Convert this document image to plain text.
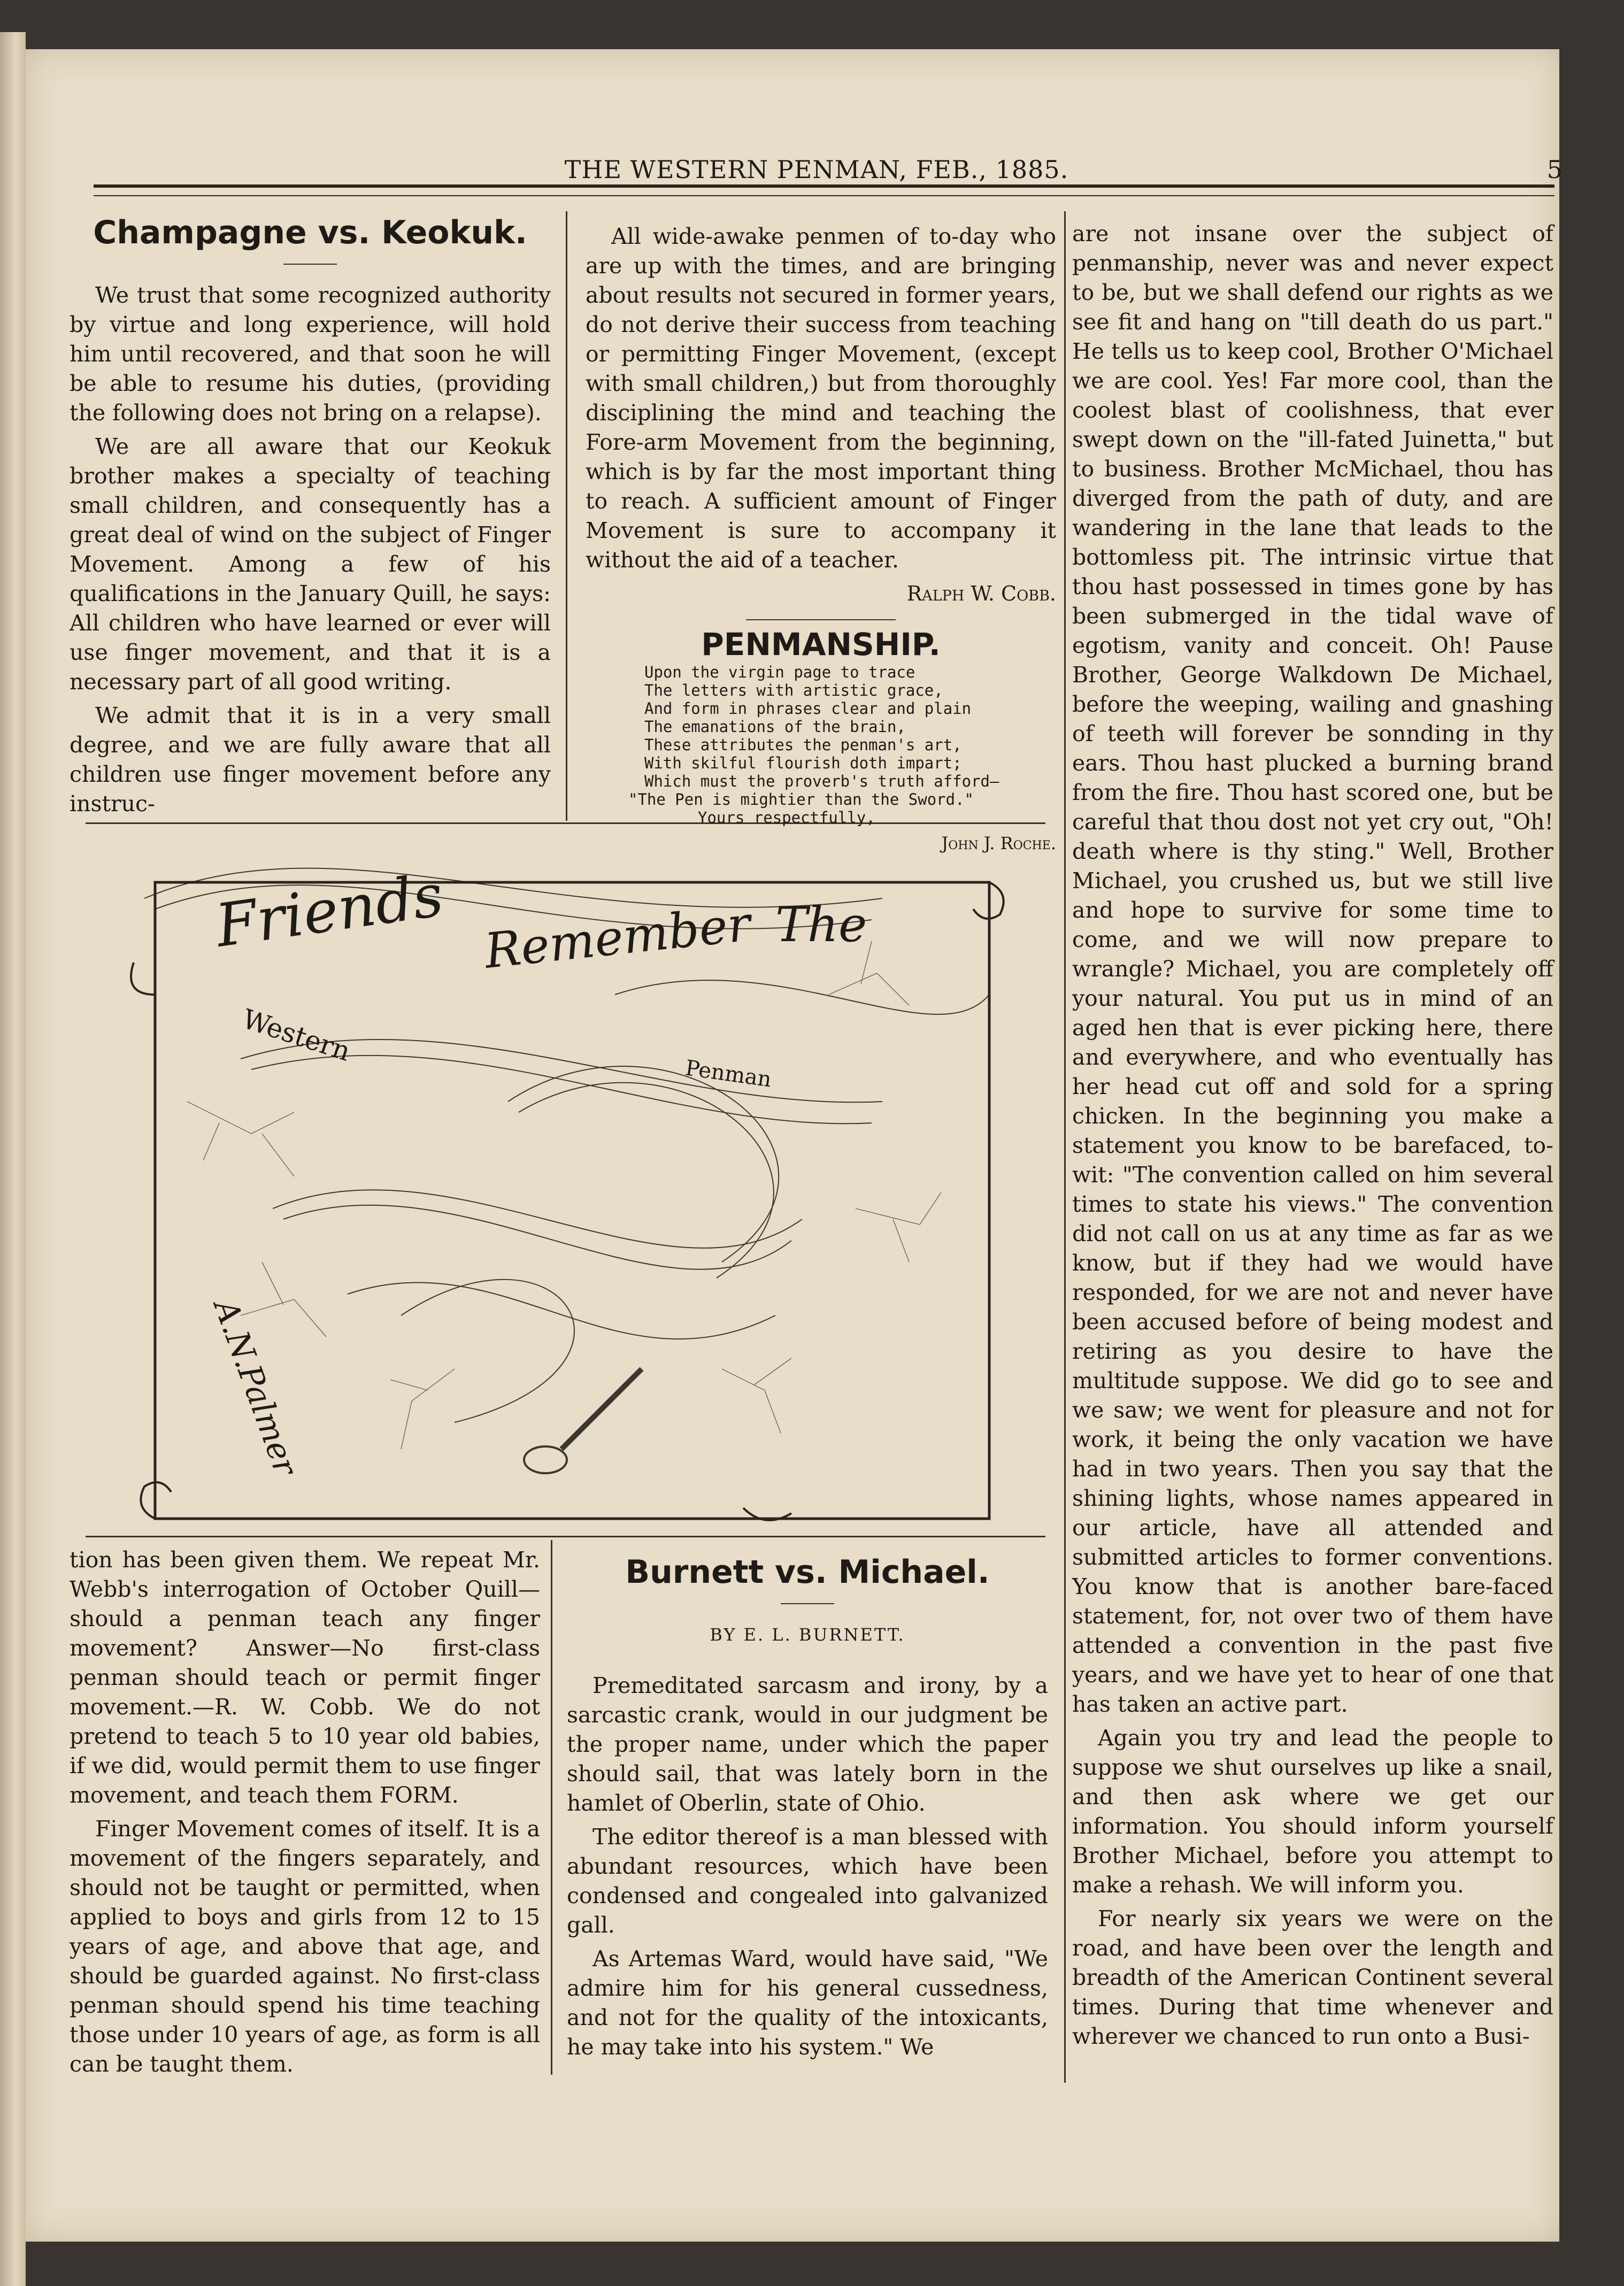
THE WESTERN PENMAN, FEB., 1885.	5
Champagne vs. Keokuk.

We trust that some recognized authority by virtue and long experience, will hold him until recovered, and that soon he will be able to resume his duties, (providing the following does not bring on a relapse).

We are all aware that our Keokuk brother makes a specialty of teaching small children, and consequently has a great deal of wind on the subject of Finger Movement. Among a few of his qualifications in the January Quill, he says: All children who have learned or ever will use finger movement, and that it is a necessary part of all good writing.

We admit that it is in a very small degree, and we are fully aware that all children use finger movement before any instruc-

All wide-awake penmen of to-day who are up with the times, and are bringing about results not secured in former years, do not derive their success from teaching or permitting Finger Movement, (except with small children,) but from thoroughly disciplining the mind and teaching the Fore-arm Movement from the beginning, which is by far the most important thing to reach. A sufficient amount of Finger Movement is sure to accompany it without the aid of a teacher.

Ralph W. Cobb.
PENMANSHIP.
Upon the virgin page to trace
The letters with artistic grace,
And form in phrases clear and plain
The emanations of the brain,
These attributes the penman's art,
With skilful flourish doth impart;
Which must the proverb's truth afford—
"The Pen is mightier than the Sword."
Yours respectfully,
John J. Roche.
Friends Remember The
Western
Penman
A.N.Palmer

tion has been given them. We repeat Mr. Webb's interrogation of October Quill—should a penman teach any finger movement? Answer—No first-class penman should teach or permit finger movement.—R. W. Cobb. We do not pretend to teach 5 to 10 year old babies, if we did, would permit them to use finger movement, and teach them FORM.

Finger Movement comes of itself. It is a movement of the fingers separately, and should not be taught or permitted, when applied to boys and girls from 12 to 15 years of age, and above that age, and should be guarded against. No first-class penman should spend his time teaching those under 10 years of age, as form is all can be taught them.

Burnett vs. Michael.
BY E. L. BURNETT.

Premeditated sarcasm and irony, by a sarcastic crank, would in our judgment be the proper name, under which the paper should sail, that was lately born in the hamlet of Oberlin, state of Ohio.

The editor thereof is a man blessed with abundant resources, which have been condensed and congealed into galvanized gall.

As Artemas Ward, would have said, "We admire him for his general cussedness, and not for the quality of the intoxicants, he may take into his system." We

are not insane over the subject of penmanship, never was and never expect to be, but we shall defend our rights as we see fit and hang on "till death do us part." He tells us to keep cool, Brother O'Michael we are cool. Yes! Far more cool, than the coolest blast of coolishness, that ever swept down on the "ill-fated Juinetta," but to business. Brother McMichael, thou has diverged from the path of duty, and are wandering in the lane that leads to the bottomless pit. The intrinsic virtue that thou hast possessed in times gone by has been submerged in the tidal wave of egotism, vanity and conceit. Oh! Pause Brother, George Walkdown De Michael, before the weeping, wailing and gnashing of teeth will forever be sonnding in thy ears. Thou hast plucked a burning brand from the fire. Thou hast scored one, but be careful that thou dost not yet cry out, "Oh! death where is thy sting." Well, Brother Michael, you crushed us, but we still live and hope to survive for some time to come, and we will now prepare to wrangle? Michael, you are completely off your natural. You put us in mind of an aged hen that is ever picking here, there and everywhere, and who eventually has her head cut off and sold for a spring chicken. In the beginning you make a statement you know to be barefaced, to-wit: "The convention called on him several times to state his views." The convention did not call on us at any time as far as we know, but if they had we would have responded, for we are not and never have been accused before of being modest and retiring as you desire to have the multitude suppose. We did go to see and we saw; we went for pleasure and not for work, it being the only vacation we have had in two years. Then you say that the shining lights, whose names appeared in our article, have all attended and submitted articles to former conventions. You know that is another bare-faced statement, for, not over two of them have attended a convention in the past five years, and we have yet to hear of one that has taken an active part.

Again you try and lead the people to suppose we shut ourselves up like a snail, and then ask where we get our information. You should inform yourself Brother Michael, before you attempt to make a rehash. We will inform you.

For nearly six years we were on the road, and have been over the length and breadth of the American Continent several times. During that time whenever and wherever we chanced to run onto a Busi-
